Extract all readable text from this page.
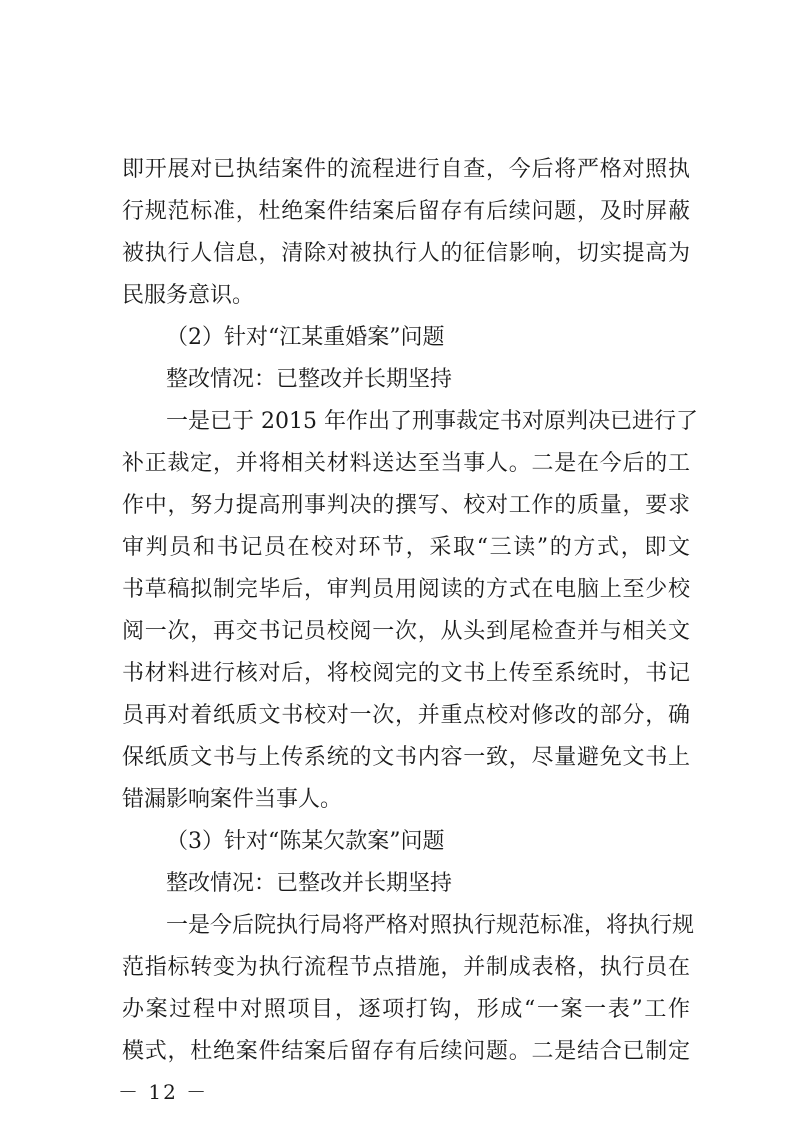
即开展对已执结案件的流程进行自查，今后将严格对照执
行规范标准，杜绝案件结案后留存有后续问题，及时屏蔽
被执行人信息，清除对被执行人的征信影响，切实提高为
民服务意识。
（2）针对“江某重婚案”问题
整改情况：已整改并长期坚持
一是已于 2015 年作出了刑事裁定书对原判决已进行了
补正裁定，并将相关材料送达至当事人。二是在今后的工
作中，努力提高刑事判决的撰写、校对工作的质量，要求
审判员和书记员在校对环节，采取“三读”的方式，即文
书草稿拟制完毕后，审判员用阅读的方式在电脑上至少校
阅一次，再交书记员校阅一次，从头到尾检查并与相关文
书材料进行核对后，将校阅完的文书上传至系统时，书记
员再对着纸质文书校对一次，并重点校对修改的部分，确
保纸质文书与上传系统的文书内容一致，尽量避免文书上
错漏影响案件当事人。
（3）针对“陈某欠款案”问题
整改情况：已整改并长期坚持
一是今后院执行局将严格对照执行规范标准，将执行规
范指标转变为执行流程节点措施，并制成表格，执行员在
办案过程中对照项目，逐项打钩，形成“一案一表”工作
模式，杜绝案件结案后留存有后续问题。二是结合已制定
－ 12 －
